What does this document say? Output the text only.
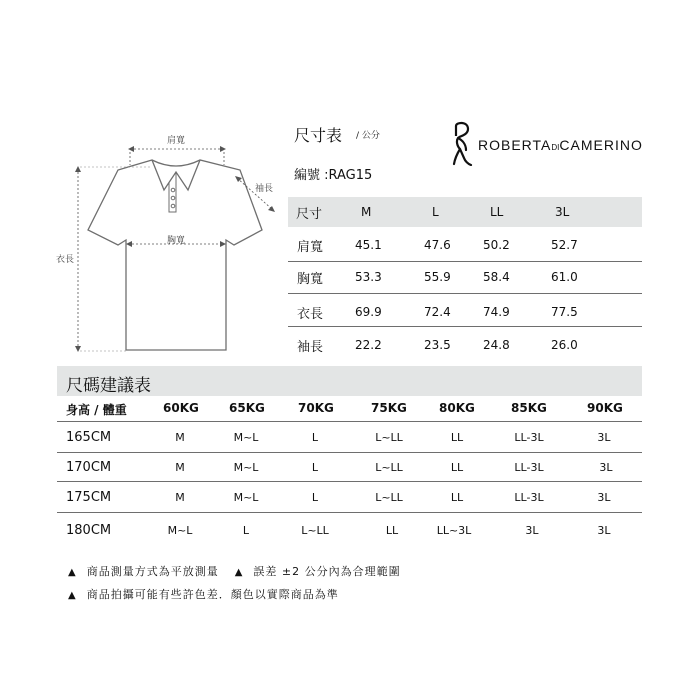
肩寬
袖長
胸寬
衣長
尺寸表 / 公分
編號 :RAG15
尺寸	M	L	LL	3L
肩寬	45.1	47.6	50.2	52.7
胸寬	53.3	55.9	58.4	61.0
衣長	69.9	72.4	74.9	77.5
袖長	22.2	23.5	24.8	26.0
ROBERTADICAMERINO
尺碼建議表
身高 / 體重	60KG	65KG	70KG	75KG	80KG	85KG	90KG
165CM	M	M~L	L	L~LL	LL	LL-3L	3L
170CM	M	M~L	L	L~LL	LL	LL-3L	3L
175CM	M	M~L	L	L~LL	LL	LL-3L	3L
180CM	M~L	L	L~LL	LL	LL~3L	3L	3L
▲ 商品測量方式為平放測量 ▲ 誤差 ±2 公分內為合理範圍
▲ 商品拍攝可能有些許色差．顏色以實際商品為準
